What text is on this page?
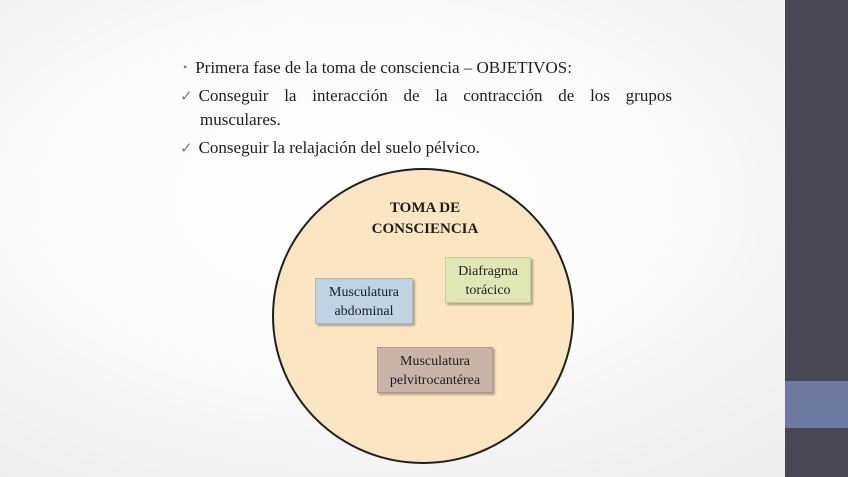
• Primera fase de la toma de consciencia – OBJETIVOS:
✓ Conseguir la interacción de la contracción de los grupos
musculares.
✓ Conseguir la relajación del suelo pélvico.
TOMA DE
CONSCIENCIA
Musculatura
abdominal
Diafragma
torácico
Musculatura
pelvitrocantérea
